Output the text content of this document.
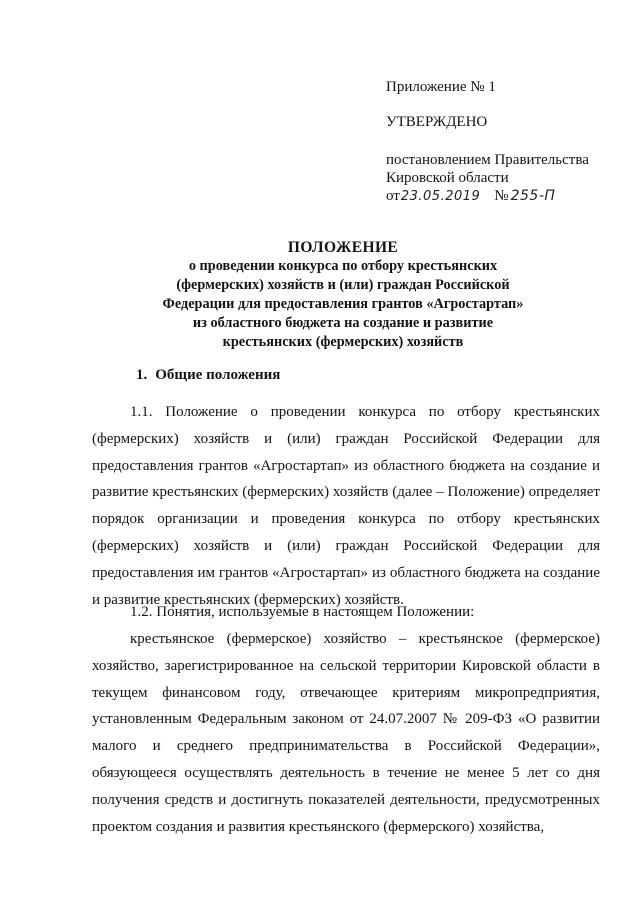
Приложение № 1
УТВЕРЖДЕНО
постановлением Правительства
Кировской области
от23.05.2019 № 255-П
ПОЛОЖЕНИЕ
о проведении конкурса по отбору крестьянских
(фермерских) хозяйств и (или) граждан Российской
Федерации для предоставления грантов «Агростартап»
из областного бюджета на создание и развитие
крестьянских (фермерских) хозяйств
1. Общие положения

1.1. Положение о проведении конкурса по отбору крестьянских (фермерских) хозяйств и (или) граждан Российской Федерации для предоставления грантов «Агростартап» из областного бюджета на создание и развитие крестьянских (фермерских) хозяйств (далее – Положение) определяет порядок организации и проведения конкурса по отбору крестьянских (фермерских) хозяйств и (или) граждан Российской Федерации для предоставления им грантов «Агростартап» из областного бюджета на создание и развитие крестьянских (фермерских) хозяйств.

1.2. Понятия, используемые в настоящем Положении:

крестьянское (фермерское) хозяйство – крестьянское (фермерское) хозяйство, зарегистрированное на сельской территории Кировской области в текущем финансовом году, отвечающее критериям микропредприятия, установленным Федеральным законом от 24.07.2007 № 209-ФЗ «О развитии малого и среднего предпринимательства в Российской Федерации», обязующееся осуществлять деятельность в течение не менее 5 лет со дня получения средств и достигнуть показателей деятельности, предусмотренных проектом создания и развития крестьянского (фермерского) хозяйства,
